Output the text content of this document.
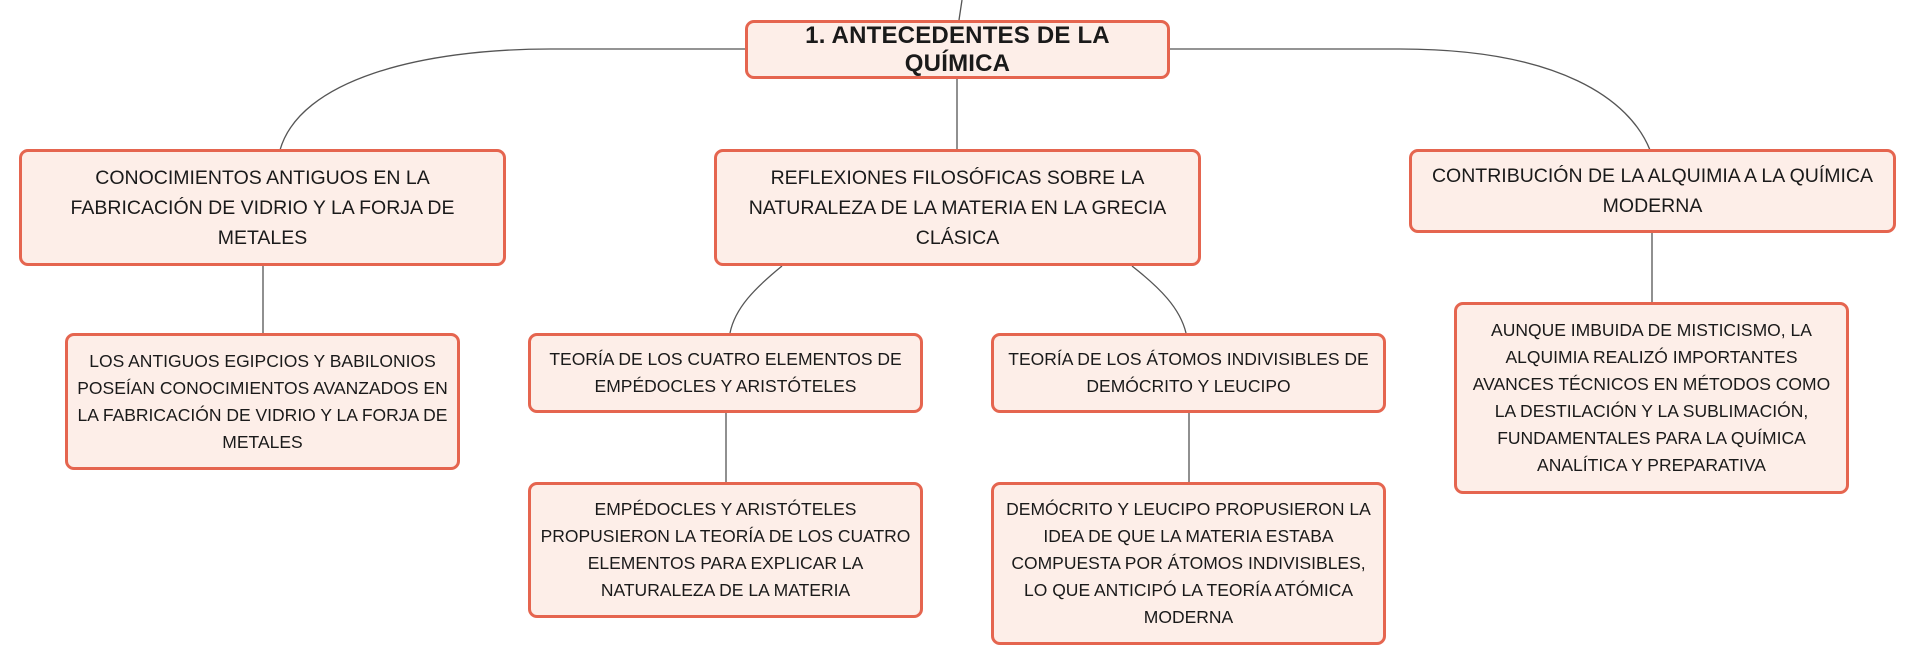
1. ANTECEDENTES DE LA QUÍMICA
CONOCIMIENTOS ANTIGUOS EN LA FABRICACIÓN DE VIDRIO Y LA FORJA DE METALES
REFLEXIONES FILOSÓFICAS SOBRE LA NATURALEZA DE LA MATERIA EN LA GRECIA CLÁSICA
CONTRIBUCIÓN DE LA ALQUIMIA A LA QUÍMICA MODERNA
LOS ANTIGUOS EGIPCIOS Y BABILONIOS POSEÍAN CONOCIMIENTOS AVANZADOS EN LA FABRICACIÓN DE VIDRIO Y LA FORJA DE METALES
TEORÍA DE LOS CUATRO ELEMENTOS DE EMPÉDOCLES Y ARISTÓTELES
TEORÍA DE LOS ÁTOMOS INDIVISIBLES DE DEMÓCRITO Y LEUCIPO
EMPÉDOCLES Y ARISTÓTELES PROPUSIERON LA TEORÍA DE LOS CUATRO ELEMENTOS PARA EXPLICAR LA NATURALEZA DE LA MATERIA
DEMÓCRITO Y LEUCIPO PROPUSIERON LA IDEA DE QUE LA MATERIA ESTABA COMPUESTA POR ÁTOMOS INDIVISIBLES, LO QUE ANTICIPÓ LA TEORÍA ATÓMICA MODERNA
AUNQUE IMBUIDA DE MISTICISMO, LA ALQUIMIA REALIZÓ IMPORTANTES AVANCES TÉCNICOS EN MÉTODOS COMO LA DESTILACIÓN Y LA SUBLIMACIÓN, FUNDAMENTALES PARA LA QUÍMICA ANALÍTICA Y PREPARATIVA
